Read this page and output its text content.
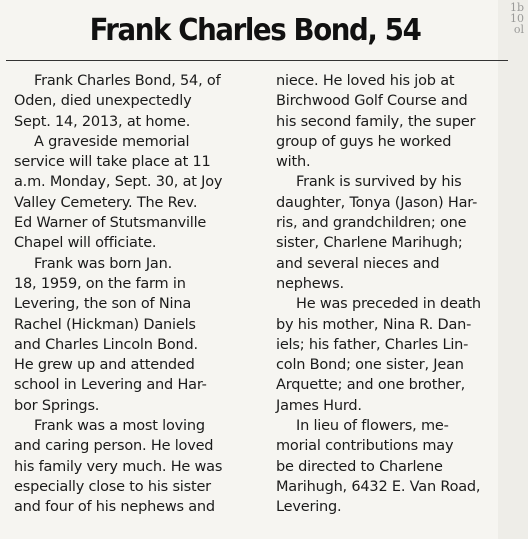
1b
10
ol
Frank Charles Bond, 54
Frank Charles Bond, 54, of
Oden, died unexpectedly
Sept. 14, 2013, at home.
A graveside memorial
service will take place at 11
a.m. Monday, Sept. 30, at Joy
Valley Cemetery. The Rev.
Ed Warner of Stutsmanville
Chapel will officiate.
Frank was born Jan.
18, 1959, on the farm in
Levering, the son of Nina
Rachel (Hickman) Daniels
and Charles Lincoln Bond.
He grew up and attended
school in Levering and Har-
bor Springs.
Frank was a most loving
and caring person. He loved
his family very much. He was
especially close to his sister
and four of his nephews and
niece. He loved his job at
Birchwood Golf Course and
his second family, the super
group of guys he worked
with.
Frank is survived by his
daughter, Tonya (Jason) Har-
ris, and grandchildren; one
sister, Charlene Marihugh;
and several nieces and
nephews.
He was preceded in death
by his mother, Nina R. Dan-
iels; his father, Charles Lin-
coln Bond; one sister, Jean
Arquette; and one brother,
James Hurd.
In lieu of flowers, me-
morial contributions may
be directed to Charlene
Marihugh, 6432 E. Van Road,
Levering.
